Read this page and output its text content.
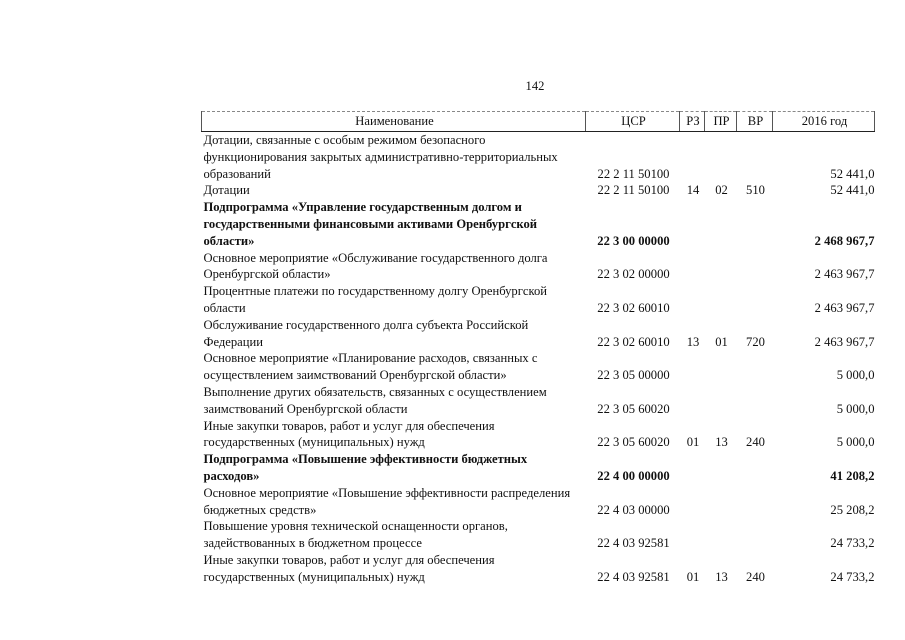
142
Наименование	ЦСР	РЗ	ПР	ВР	2016 год
Дотации, связанные с особым режимом безопасного функционирования закрытых административно-территориальных образований	22 2 11 50100				52 441,0
Дотации	22 2 11 50100	14	02	510	52 441,0
Подпрограмма «Управление государственным долгом и государственными финансовыми активами Оренбургской области»	22 3 00 00000				2 468 967,7
Основное мероприятие «Обслуживание государственного долга Оренбургской области»	22 3 02 00000				2 463 967,7
Процентные платежи по государственному долгу Оренбургской области	22 3 02 60010				2 463 967,7
Обслуживание государственного долга субъекта Российской Федерации	22 3 02 60010	13	01	720	2 463 967,7
Основное мероприятие «Планирование расходов, связанных с осуществлением заимствований Оренбургской области»	22 3 05 00000				5 000,0
Выполнение других обязательств, связанных с осуществлением заимствований Оренбургской области	22 3 05 60020				5 000,0
Иные закупки товаров, работ и услуг для обеспечения государственных (муниципальных) нужд	22 3 05 60020	01	13	240	5 000,0
Подпрограмма «Повышение эффективности бюджетных расходов»	22 4 00 00000				41 208,2
Основное мероприятие «Повышение эффективности распределения бюджетных средств»	22 4 03 00000				25 208,2
Повышение уровня технической оснащенности органов, задействованных в бюджетном процессе	22 4 03 92581				24 733,2
Иные закупки товаров, работ и услуг для обеспечения государственных (муниципальных) нужд	22 4 03 92581	01	13	240	24 733,2
